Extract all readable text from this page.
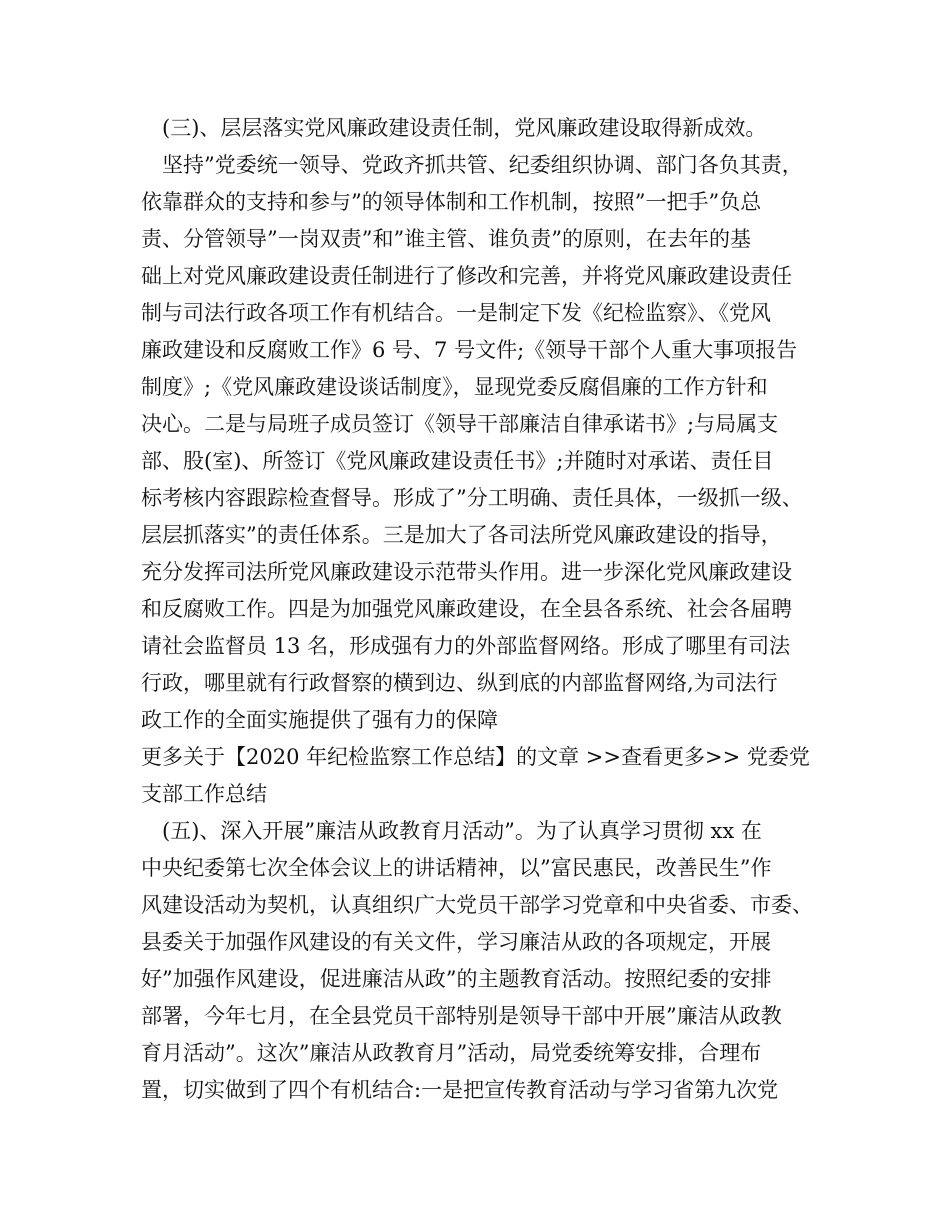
(三)、层层落实党风廉政建设责任制，党风廉政建设取得新成效。
坚持”党委统一领导、党政齐抓共管、纪委组织协调、部门各负其责，
依靠群众的支持和参与”的领导体制和工作机制，按照”一把手”负总
责、分管领导”一岗双责”和”谁主管、谁负责”的原则，在去年的基
础上对党风廉政建设责任制进行了修改和完善，并将党风廉政建设责任
制与司法行政各项工作有机结合。一是制定下发《纪检监察》、《党风
廉政建设和反腐败工作》6 号、7 号文件;《领导干部个人重大事项报告
制度》;《党风廉政建设谈话制度》，显现党委反腐倡廉的工作方针和
决心。二是与局班子成员签订《领导干部廉洁自律承诺书》;与局属支
部、股(室)、所签订《党风廉政建设责任书》;并随时对承诺、责任目
标考核内容跟踪检查督导。形成了”分工明确、责任具体，一级抓一级、
层层抓落实”的责任体系。三是加大了各司法所党风廉政建设的指导，
充分发挥司法所党风廉政建设示范带头作用。进一步深化党风廉政建设
和反腐败工作。四是为加强党风廉政建设，在全县各系统、社会各届聘
请社会监督员 13 名，形成强有力的外部监督网络。形成了哪里有司法
行政，哪里就有行政督察的横到边、纵到底的内部监督网络,为司法行
政工作的全面实施提供了强有力的保障
更多关于【2020 年纪检监察工作总结】的文章 >>查看更多>> 党委党
支部工作总结
(五)、深入开展”廉洁从政教育月活动”。为了认真学习贯彻 xx 在
中央纪委第七次全体会议上的讲话精神，以”富民惠民，改善民生”作
风建设活动为契机，认真组织广大党员干部学习党章和中央省委、市委、
县委关于加强作风建设的有关文件，学习廉洁从政的各项规定，开展
好”加强作风建设，促进廉洁从政”的主题教育活动。按照纪委的安排
部署，今年七月，在全县党员干部特别是领导干部中开展”廉洁从政教
育月活动”。这次”廉洁从政教育月”活动，局党委统筹安排，合理布
置，切实做到了四个有机结合:一是把宣传教育活动与学习省第九次党
